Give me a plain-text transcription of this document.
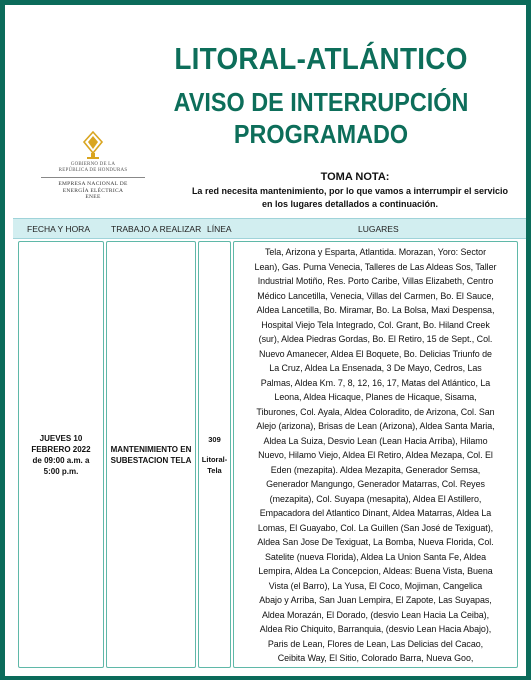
LITORAL-ATLÁNTICO
AVISO DE INTERRUPCIÓN
PROGRAMADO
GOBIERNO DE LA
REPÚBLICA DE HONDURAS
EMPRESA NACIONAL DE
ENERGÍA ELÉCTRICA
ENEE
TOMA NOTA:
La red necesita mantenimiento, por lo que vamos a interrumpir el servicio
en los lugares detallados a continuación.
FECHA Y HORA TRABAJO A REALIZAR LÍNEA	LUGARES
JUEVES 10
FEBRERO 2022
de 09:00 a.m. a
5:00 p.m.
MANTENIMIENTO EN
SUBESTACION TELA
309
Litoral-
Tela
Tela, Arizona y Esparta, Atlantida. Morazan, Yoro: Sector
Lean), Gas. Puma Venecia, Talleres de Las Aldeas Sos, Taller
Industrial Motiño, Res. Porto Caribe, Villas Elizabeth, Centro
Médico Lancetilla, Venecia, Villas del Carmen, Bo. El Sauce,
Aldea Lancetilla, Bo. Miramar, Bo. La Bolsa, Maxi Despensa,
Hospital Viejo Tela Integrado, Col. Grant, Bo. Hiland Creek
(sur), Aldea Piedras Gordas, Bo. El Retiro, 15 de Sept., Col.
Nuevo Amanecer, Aldea El Boquete, Bo. Delicias Triunfo de
La Cruz, Aldea La Ensenada, 3 De Mayo, Cedros, Las
Palmas, Aldea Km. 7, 8, 12, 16, 17, Matas del Atlántico, La
Leona, Aldea Hicaque, Planes de Hicaque, Sisama,
Tiburones, Col. Ayala, Aldea Coloradito, de Arizona, Col. San
Alejo (arizona), Brisas de Lean (Arizona), Aldea Santa Maria,
Aldea La Suiza, Desvio Lean (Lean Hacia Arriba), Hilamo
Nuevo, Hilamo Viejo, Aldea El Retiro, Aldea Mezapa, Col. El
Eden (mezapita). Aldea Mezapita, Generador Semsa,
Generador Mangungo, Generador Matarras, Col. Reyes
(mezapita), Col. Suyapa (mesapita), Aldea El Astillero,
Empacadora del Atlantico Dinant, Aldea Matarras, Aldea La
Lomas, El Guayabo, Col. La Guillen (San José de Texiguat),
Aldea San Jose De Texiguat, La Bomba, Nueva Florida, Col.
Satelite (nueva Florida), Aldea La Union Santa Fe, Aldea
Lempira, Aldea La Concepcion, Aldeas: Buena Vista, Buena
Vista (el Barro), La Yusa, El Coco, Mojiman, Cangelica
Abajo y Arriba, San Juan Lempira, El Zapote, Las Suyapas,
Aldea Morazán, El Dorado, (desvio Lean Hacia La Ceiba),
Aldea Rio Chiquito, Barranquia, (desvio Lean Hacia Abajo),
Paris de Lean, Flores de Lean, Las Delicias del Cacao,
Ceibita Way, El Sitio, Colorado Barra, Nueva Goo,
